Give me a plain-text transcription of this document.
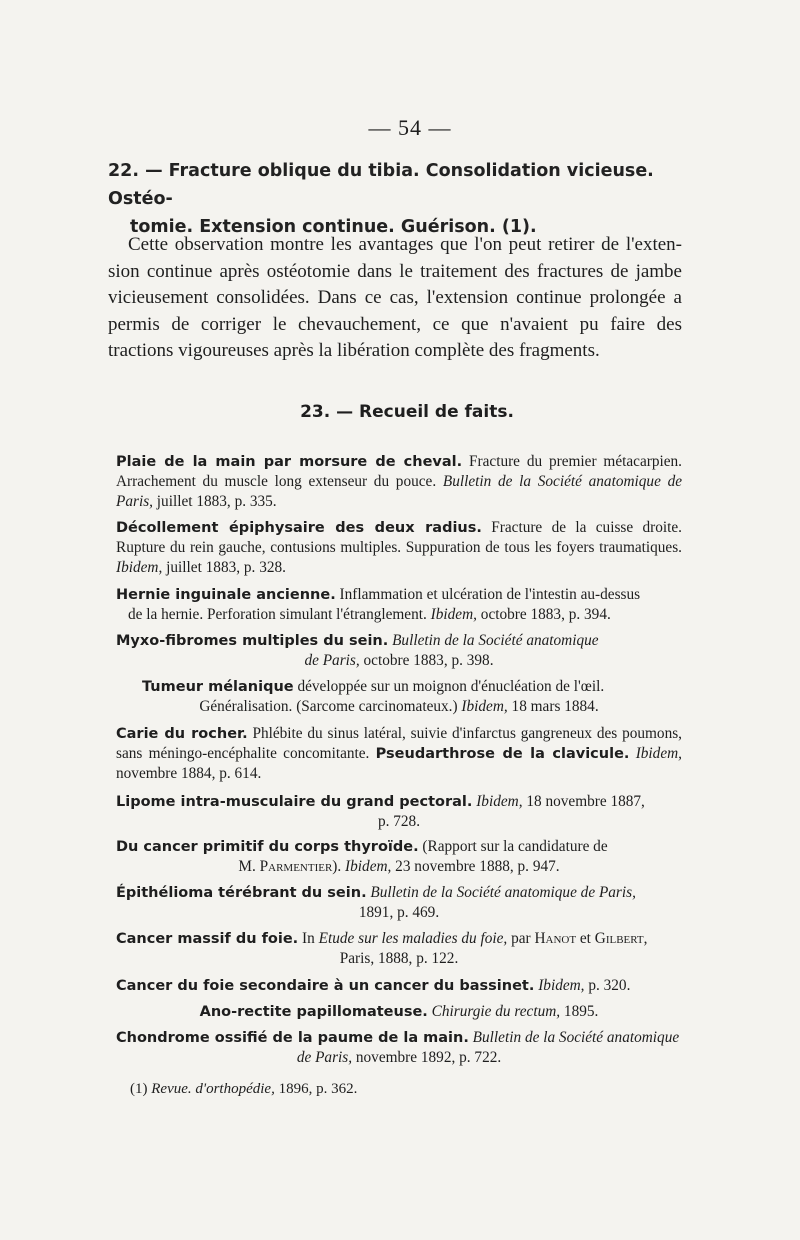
— 54 —
22. — Fracture oblique du tibia. Consolidation vicieuse. Ostéo-
tomie. Extension continue. Guérison. (1).
Cette observation montre les avantages que l'on peut retirer de l'extension continue après ostéotomie dans le traitement des fractures de jambe vicieusement consolidées. Dans ce cas, l'extension continue prolongée a permis de corriger le chevauchement, ce que n'avaient pu faire des tractions vigoureuses après la libération complète des fragments.
23. — Recueil de faits.
Plaie de la main par morsure de cheval. Fracture du premier métacarpien. Arrachement du muscle long extenseur du pouce. Bulletin de la Société anatomique de Paris, juillet 1883, p. 335.
Décollement épiphysaire des deux radius. Fracture de la cuisse droite. Rupture du rein gauche, contusions multiples. Suppuration de tous les foyers traumatiques. Ibidem, juillet 1883, p. 328.
Hernie inguinale ancienne. Inflammation et ulcération de l'intestin au-dessus
de la hernie. Perforation simulant l'étranglement. Ibidem, octobre 1883, p. 394.
Myxo-fibromes multiples du sein. Bulletin de la Société anatomique
de Paris, octobre 1883, p. 398.
Tumeur mélanique développée sur un moignon d'énucléation de l'œil.
Généralisation. (Sarcome carcinomateux.) Ibidem, 18 mars 1884.
Carie du rocher. Phlébite du sinus latéral, suivie d'infarctus gangreneux des poumons, sans méningo-encéphalite concomitante. Pseudarthrose de la clavicule. Ibidem, novembre 1884, p. 614.
Lipome intra-musculaire du grand pectoral. Ibidem, 18 novembre 1887,
p. 728.
Du cancer primitif du corps thyroïde. (Rapport sur la candidature de
M. Parmentier). Ibidem, 23 novembre 1888, p. 947.
Épithélioma térébrant du sein. Bulletin de la Société anatomique de Paris,
1891, p. 469.
Cancer massif du foie. In Etude sur les maladies du foie, par Hanot et Gilbert,
Paris, 1888, p. 122.
Cancer du foie secondaire à un cancer du bassinet. Ibidem, p. 320.
Ano-rectite papillomateuse. Chirurgie du rectum, 1895.
Chondrome ossifié de la paume de la main. Bulletin de la Société anatomique
de Paris, novembre 1892, p. 722.
(1) Revue. d'orthopédie, 1896, p. 362.
